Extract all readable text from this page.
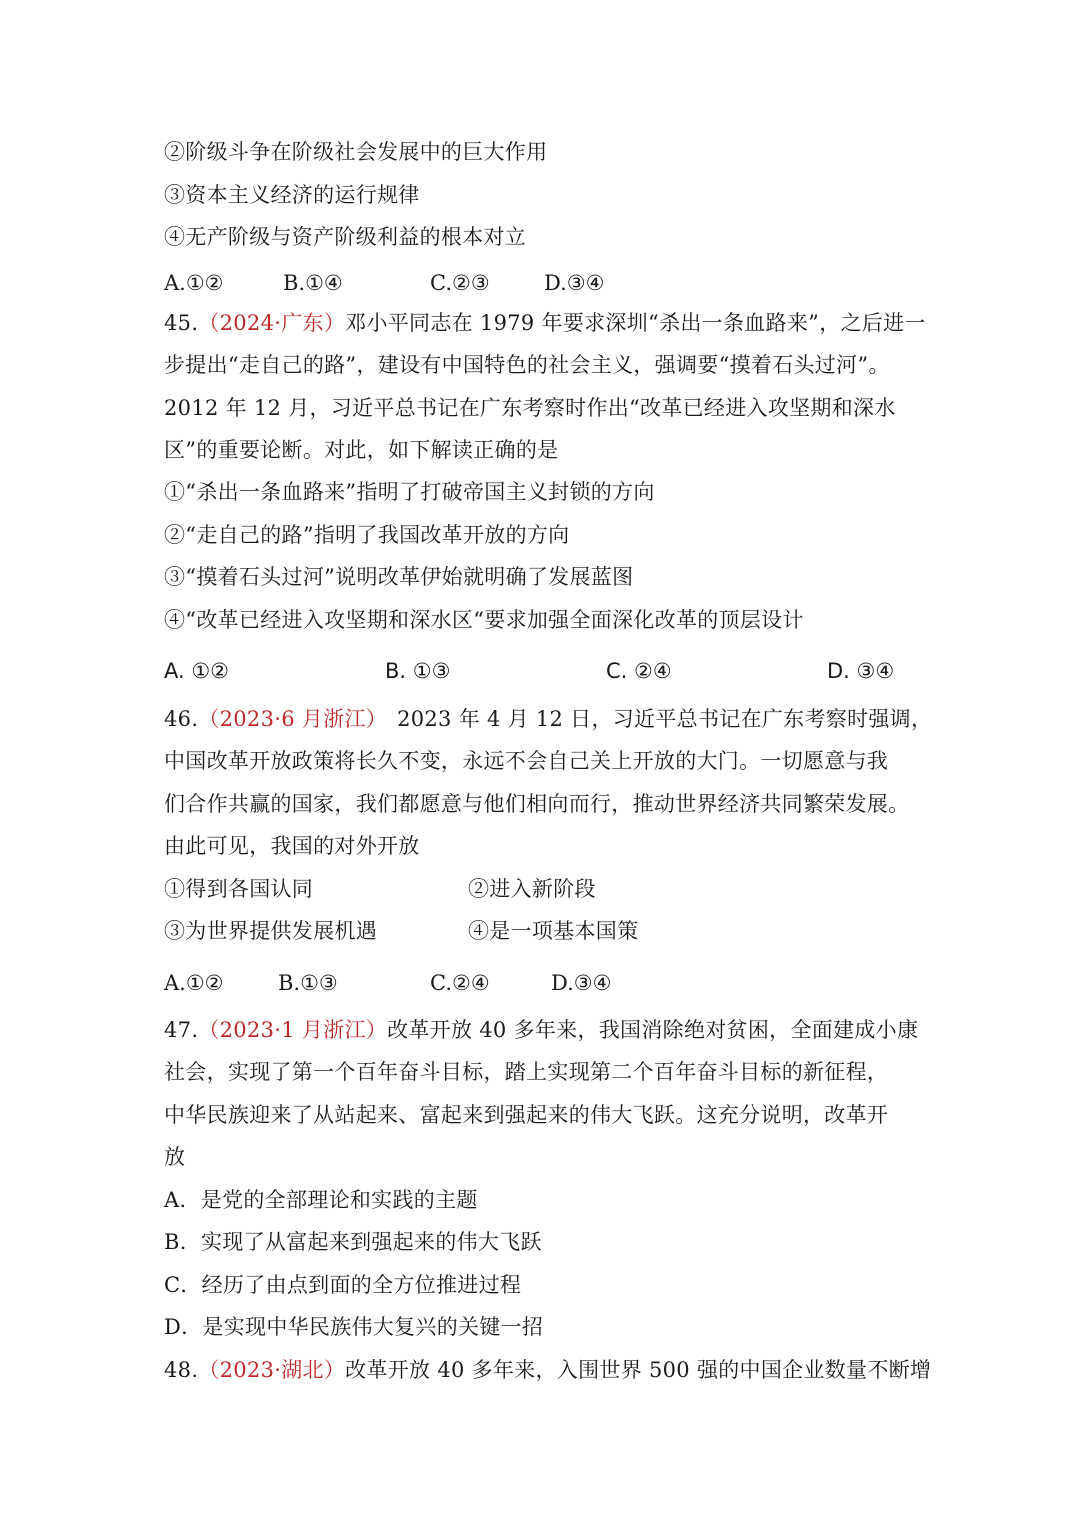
②阶级斗争在阶级社会发展中的巨大作用
③资本主义经济的运行规律
④无产阶级与资产阶级利益的根本对立
A.①②	B.①④	C.②③	D.③④
45.（2024·广东）邓小平同志在 1979 年要求深圳“杀出一条血路来”，之后进一
步提出“走自己的路”，建设有中国特色的社会主义，强调要“摸着石头过河”。
2012 年 12 月，习近平总书记在广东考察时作出“改革已经进入攻坚期和深水
区”的重要论断。对此，如下解读正确的是
①“杀出一条血路来”指明了打破帝国主义封锁的方向
②“走自己的路”指明了我国改革开放的方向
③“摸着石头过河”说明改革伊始就明确了发展蓝图
④“改革已经进入攻坚期和深水区“要求加强全面深化改革的顶层设计
A. ①②	B. ①③	C. ②④	D. ③④
46.（2023·6 月浙江） 2023 年 4 月 12 日，习近平总书记在广东考察时强调，
中国改革开放政策将长久不变，永远不会自己关上开放的大门。一切愿意与我
们合作共赢的国家，我们都愿意与他们相向而行，推动世界经济共同繁荣发展。
由此可见，我国的对外开放
①得到各国认同	②进入新阶段
③为世界提供发展机遇	④是一项基本国策
A.①②	B.①③	C.②④	D.③④
47.（2023·1 月浙江）改革开放 40 多年来，我国消除绝对贫困，全面建成小康
社会，实现了第一个百年奋斗目标，踏上实现第二个百年奋斗目标的新征程，
中华民族迎来了从站起来、富起来到强起来的伟大飞跃。这充分说明，改革开
放
A．是党的全部理论和实践的主题
B．实现了从富起来到强起来的伟大飞跃
C．经历了由点到面的全方位推进过程
D．是实现中华民族伟大复兴的关键一招
48.（2023·湖北）改革开放 40 多年来，入围世界 500 强的中国企业数量不断增
